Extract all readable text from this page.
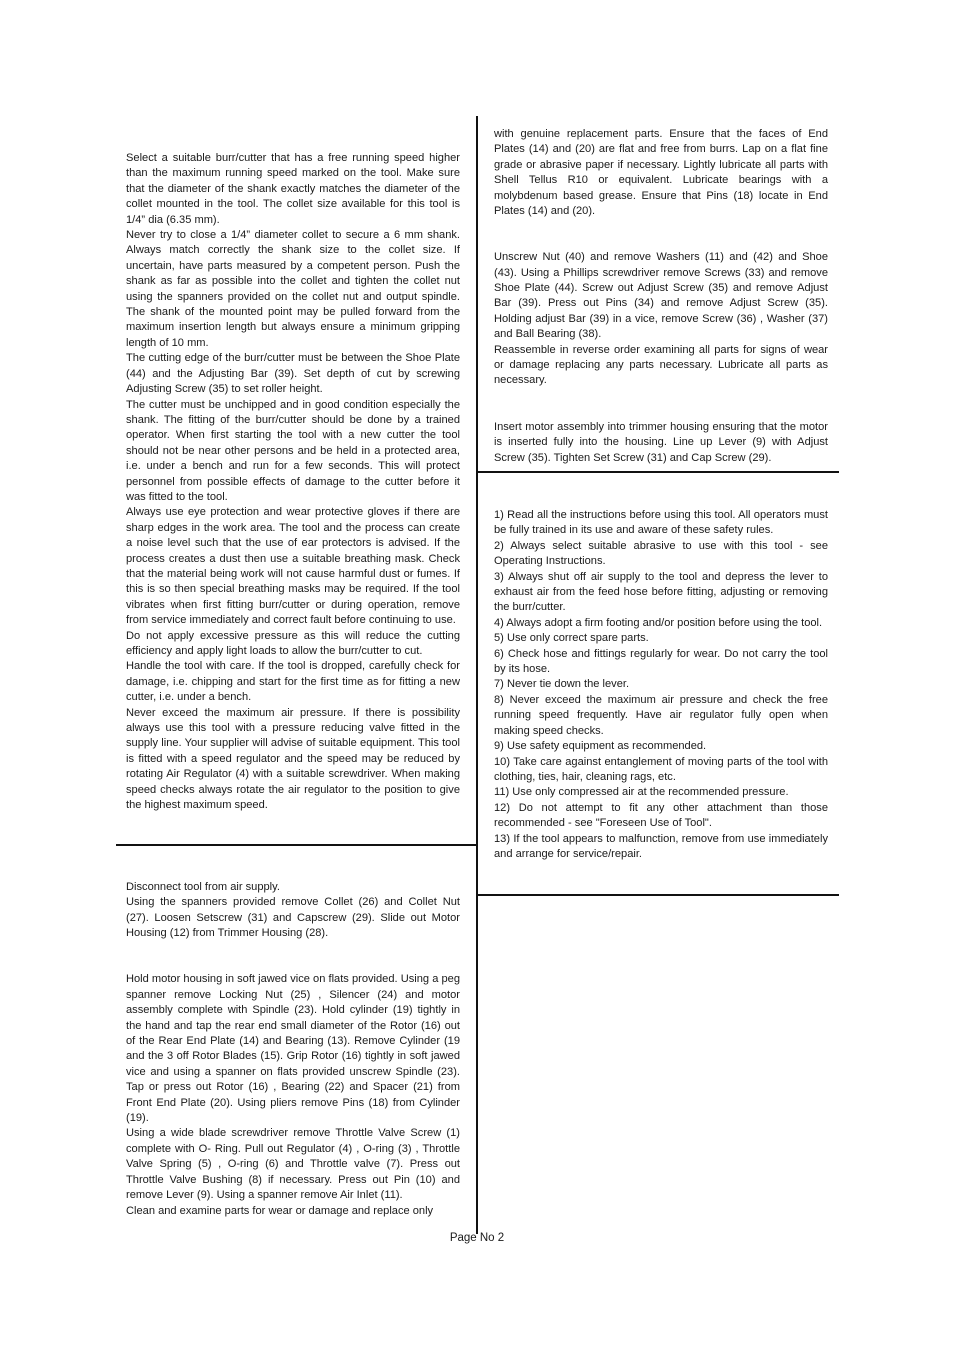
Select a suitable burr/cutter that has a free running speed higher than the maximum running speed marked on the tool. Make sure that the diameter of the shank exactly matches the diameter of the collet mounted in the tool. The collet size available for this tool is 1/4” dia (6.35 mm).

Never try to close a 1/4” diameter collet to secure a 6 mm shank. Always match correctly the shank size to the collet size. If uncertain, have parts measured by a competent person. Push the shank as far as possible into the collet and tighten the collet nut using the spanners provided on the collet nut and output spindle. The shank of the mounted point may be pulled forward from the maximum insertion length but always ensure a minimum gripping length of 10 mm.

The cutting edge of the burr/cutter must be between the Shoe Plate (44) and the Adjusting Bar (39). Set depth of cut by screwing Adjusting Screw (35) to set roller height.

The cutter must be unchipped and in good condition especially the shank. The fitting of the burr/cutter should be done by a trained operator. When first starting the tool with a new cutter the tool should not be near other persons and be held in a protected area, i.e. under a bench and run for a few seconds. This will protect personnel from possible effects of damage to the cutter before it was fitted to the tool.

Always use eye protection and wear protective gloves if there are sharp edges in the work area. The tool and the process can create a noise level such that the use of ear protectors is advised. If the process creates a dust then use a suitable breathing mask. Check that the material being work will not cause harmful dust or fumes. If this is so then special breathing masks may be required. If the tool vibrates when first fitting burr/cutter or during operation, remove from service immediately and correct fault before continuing to use.

Do not apply excessive pressure as this will reduce the cutting efficiency and apply light loads to allow the burr/cutter to cut.

Handle the tool with care. If the tool is dropped, carefully check for damage, i.e. chipping and start for the first time as for fitting a new cutter, i.e. under a bench.

Never exceed the maximum air pressure. If there is possibility always use this tool with a pressure reducing valve fitted in the supply line. Your supplier will advise of suitable equipment. This tool is fitted with a speed regulator and the speed may be reduced by rotating Air Regulator (4) with a suitable screwdriver. When making speed checks always rotate the air regulator to the position to give the highest maximum speed.

Disconnect tool from air supply.

Using the spanners provided remove Collet (26) and Collet Nut (27). Loosen Setscrew (31) and Capscrew (29). Slide out Motor Housing (12) from Trimmer Housing (28).

Hold motor housing in soft jawed vice on flats provided. Using a peg spanner remove Locking Nut (25) , Silencer (24) and motor assembly complete with Spindle (23). Hold cylinder (19) tightly in the hand and tap the rear end small diameter of the Rotor (16) out of the Rear End Plate (14) and Bearing (13). Remove Cylinder (19 and the 3 off Rotor Blades (15). Grip Rotor (16) tightly in soft jawed vice and using a spanner on flats provided unscrew Spindle (23). Tap or press out Rotor (16) , Bearing (22) and Spacer (21) from Front End Plate (20). Using pliers remove Pins (18) from Cylinder (19).

Using a wide blade screwdriver remove Throttle Valve Screw (1) complete with O- Ring. Pull out Regulator (4) , O-ring (3) , Throttle Valve Spring (5) , O-ring (6) and Throttle valve (7). Press out Throttle Valve Bushing (8) if necessary. Press out Pin (10) and remove Lever (9). Using a spanner remove Air Inlet (11).

Clean and examine parts for wear or damage and replace only

with genuine replacement parts. Ensure that the faces of End Plates (14) and (20) are flat and free from burrs. Lap on a flat fine grade or abrasive paper if necessary. Lightly lubricate all parts with Shell Tellus R10 or equivalent. Lubricate bearings with a molybdenum based grease. Ensure that Pins (18) locate in End Plates (14) and (20).

Unscrew Nut (40) and remove Washers (11) and (42) and Shoe (43). Using a Phillips screwdriver remove Screws (33) and remove Shoe Plate (44). Screw out Adjust Screw (35) and remove Adjust Bar (39). Press out Pins (34) and remove Adjust Screw (35). Holding adjust Bar (39) in a vice, remove Screw (36) , Washer (37) and Ball Bearing (38).

Reassemble in reverse order examining all parts for signs of wear or damage replacing any parts necessary. Lubricate all parts as necessary.

Insert motor assembly into trimmer housing ensuring that the motor is inserted fully into the housing. Line up Lever (9) with Adjust Screw (35). Tighten Set Screw (31) and Cap Screw (29).

1) Read all the instructions before using this tool. All operators must be fully trained in its use and aware of these safety rules.

2) Always select suitable abrasive to use with this tool - see Operating Instructions.

3) Always shut off air supply to the tool and depress the lever to exhaust air from the feed hose before fitting, adjusting or removing the burr/cutter.

4) Always adopt a firm footing and/or position before using the tool.

5) Use only correct spare parts.

6) Check hose and fittings regularly for wear. Do not carry the tool by its hose.

7) Never tie down the lever.

8) Never exceed the maximum air pressure and check the free running speed frequently. Have air regulator fully open when making speed checks.

9) Use safety equipment as recommended.

10) Take care against entanglement of moving parts of the tool with clothing, ties, hair, cleaning rags, etc.

11) Use only compressed air at the recommended pressure.

12) Do not attempt to fit any other attachment than those recommended - see "Foreseen Use of Tool".

13) If the tool appears to malfunction, remove from use immediately and arrange for service/repair.

Page No 2
